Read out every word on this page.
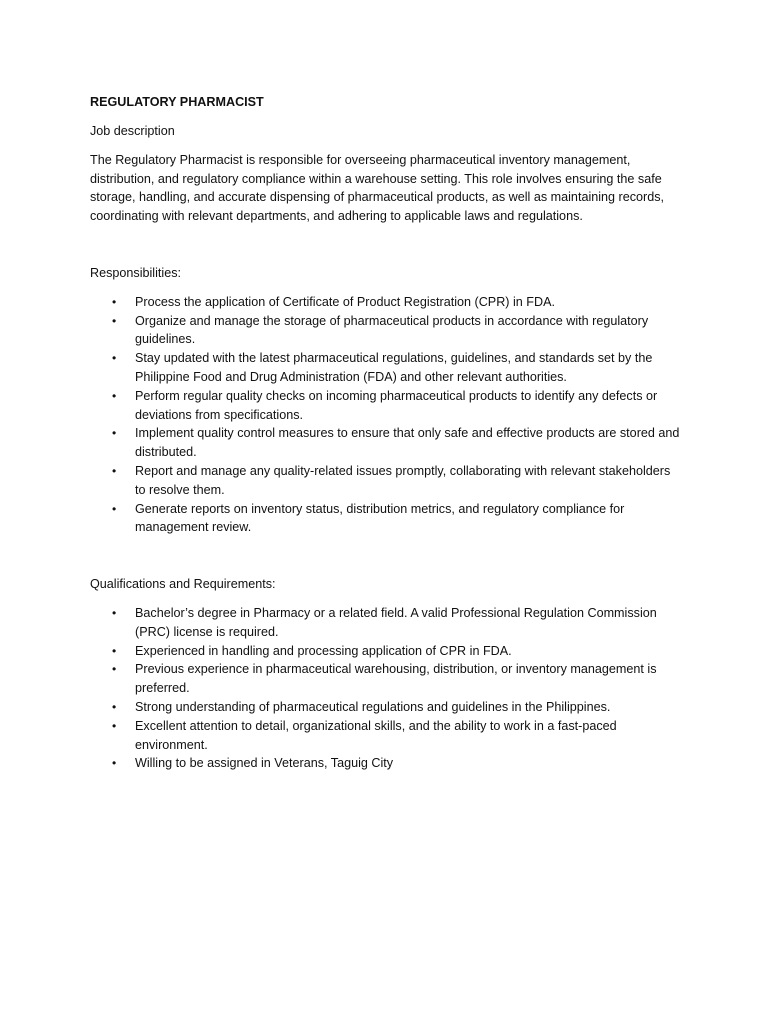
REGULATORY PHARMACIST

Job description

The Regulatory Pharmacist is responsible for overseeing pharmaceutical inventory management, distribution, and regulatory compliance within a warehouse setting. This role involves ensuring the safe storage, handling, and accurate dispensing of pharmaceutical products, as well as maintaining records, coordinating with relevant departments, and adhering to applicable laws and regulations.

Responsibilities:

• Process the application of Certificate of Product Registration (CPR) in FDA.
• Organize and manage the storage of pharmaceutical products in accordance with regulatory guidelines.
• Stay updated with the latest pharmaceutical regulations, guidelines, and standards set by the Philippine Food and Drug Administration (FDA) and other relevant authorities.
• Perform regular quality checks on incoming pharmaceutical products to identify any defects or deviations from specifications.
• Implement quality control measures to ensure that only safe and effective products are stored and distributed.
• Report and manage any quality-related issues promptly, collaborating with relevant stakeholders to resolve them.
• Generate reports on inventory status, distribution metrics, and regulatory compliance for management review.

Qualifications and Requirements:

• Bachelor’s degree in Pharmacy or a related field. A valid Professional Regulation Commission (PRC) license is required.
• Experienced in handling and processing application of CPR in FDA.
• Previous experience in pharmaceutical warehousing, distribution, or inventory management is preferred.
• Strong understanding of pharmaceutical regulations and guidelines in the Philippines.
• Excellent attention to detail, organizational skills, and the ability to work in a fast-paced environment.
• Willing to be assigned in Veterans, Taguig City
